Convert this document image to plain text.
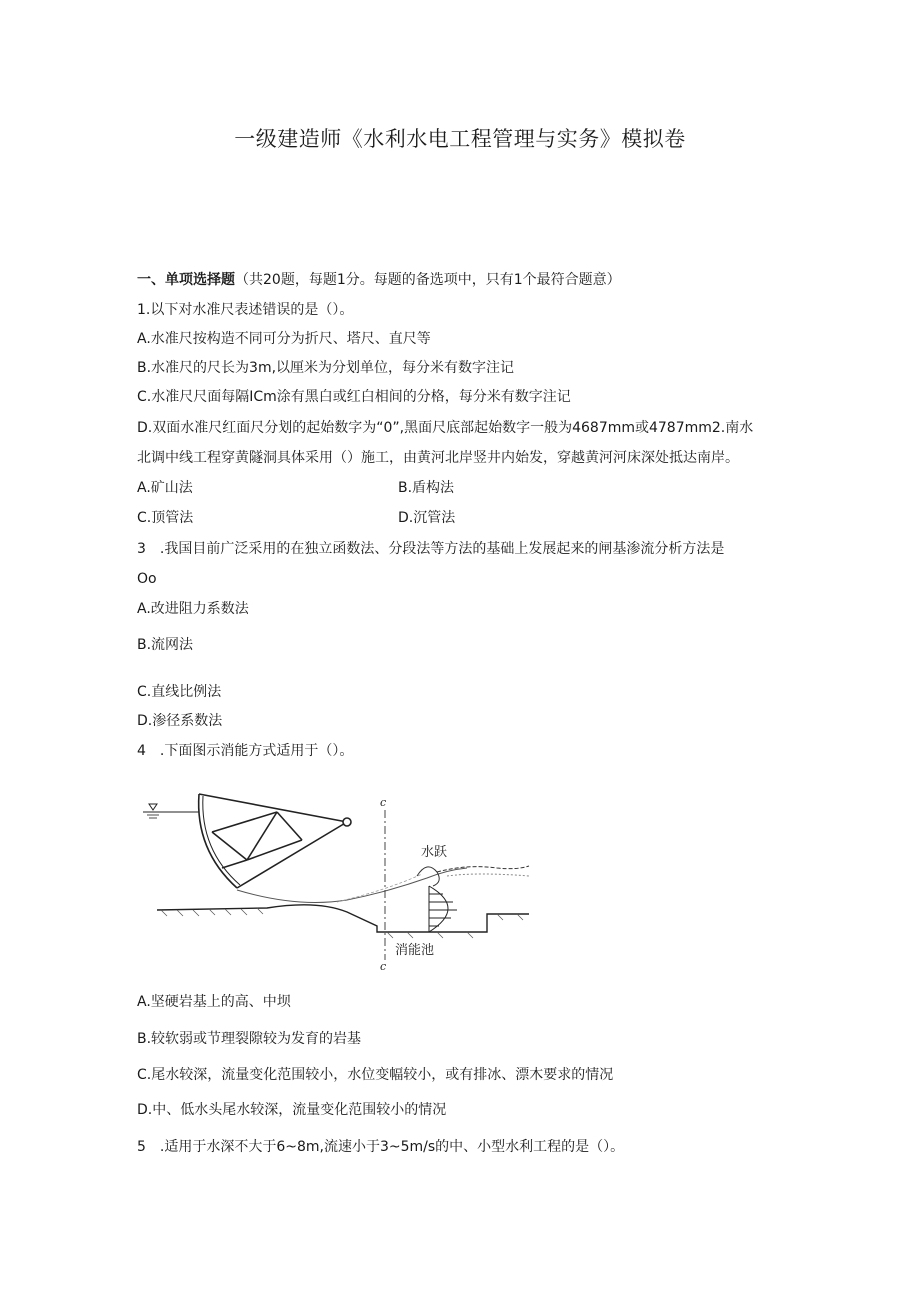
一级建造师《水利水电工程管理与实务》模拟卷
一、单项选择题（共20题，每题1分。每题的备选项中，只有1个最符合题意）
1.以下对水准尺表述错误的是（）。
A.水准尺按构造不同可分为折尺、塔尺、直尺等
B.水准尺的尺长为3m,以厘米为分划单位，每分米有数字注记
C.水准尺尺面每隔ICm涂有黑白或红白相间的分格，每分米有数字注记
D.双面水准尺红面尺分划的起始数字为“0”,黑面尺底部起始数字一般为4687mm或4787mm2.南水
北调中线工程穿黄隧洞具体采用（）施工，由黄河北岸竖井内始发，穿越黄河河床深处抵达南岸。
A.矿山法	B.盾构法
C.顶管法	D.沉管法
3　.我国目前广泛采用的在独立函数法、分段法等方法的基础上发展起来的闸基渗流分析方法是
Oo
A.改进阻力系数法
B.流网法
C.直线比例法
D.渗径系数法
4　.下面图示消能方式适用于（）。
c
c
水跃
消能池
A.坚硬岩基上的高、中坝
B.较软弱或节理裂隙较为发育的岩基
C.尾水较深，流量变化范围较小，水位变幅较小，或有排冰、漂木要求的情况
D.中、低水头尾水较深，流量变化范围较小的情况
5　.适用于水深不大于6~8m,流速小于3~5m/s的中、小型水利工程的是（）。
